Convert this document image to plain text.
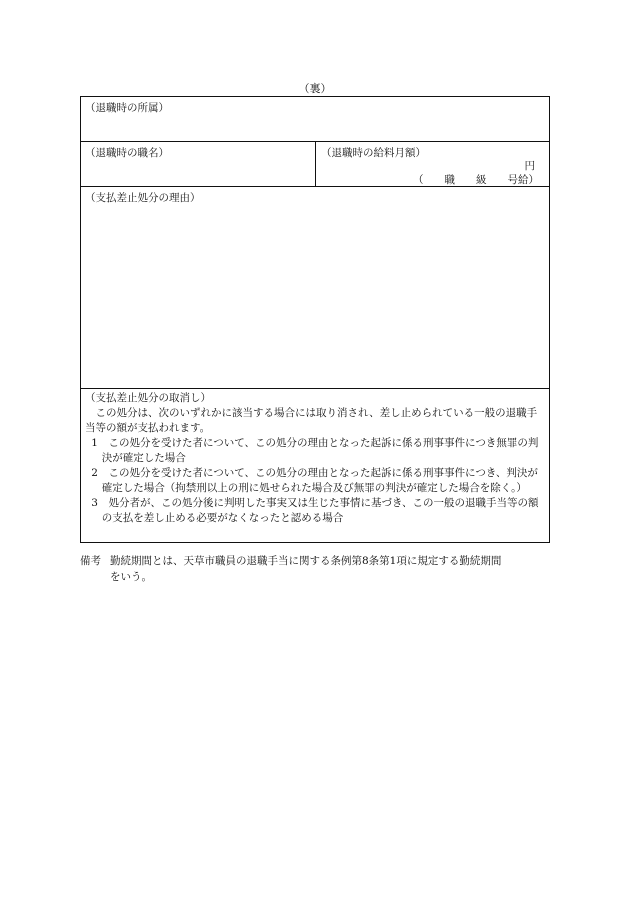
（裏）
（退職時の所属）
（退職時の職名）	（退職時の給料月額）
円
（　　職　　級　　号給）
（支払差止処分の理由）

（支払差止処分の取消し）

この処分は、次のいずれかに該当する場合には取り消され、差し止められている一般の退職手当等の額が支払われます。

1　この処分を受けた者について、この処分の理由となった起訴に係る刑事事件につき無罪の判決が確定した場合

2　この処分を受けた者について、この処分の理由となった起訴に係る刑事事件につき、判決が確定した場合（拘禁刑以上の刑に処せられた場合及び無罪の判決が確定した場合を除く。）

3　処分者が、この処分後に判明した事実又は生じた事情に基づき、この一般の退職手当等の額の支払を差し止める必要がなくなったと認める場合

備考 勤続期間とは、天草市職員の退職手当に関する条例第8条第1項に規定する勤続期間
をいう。
